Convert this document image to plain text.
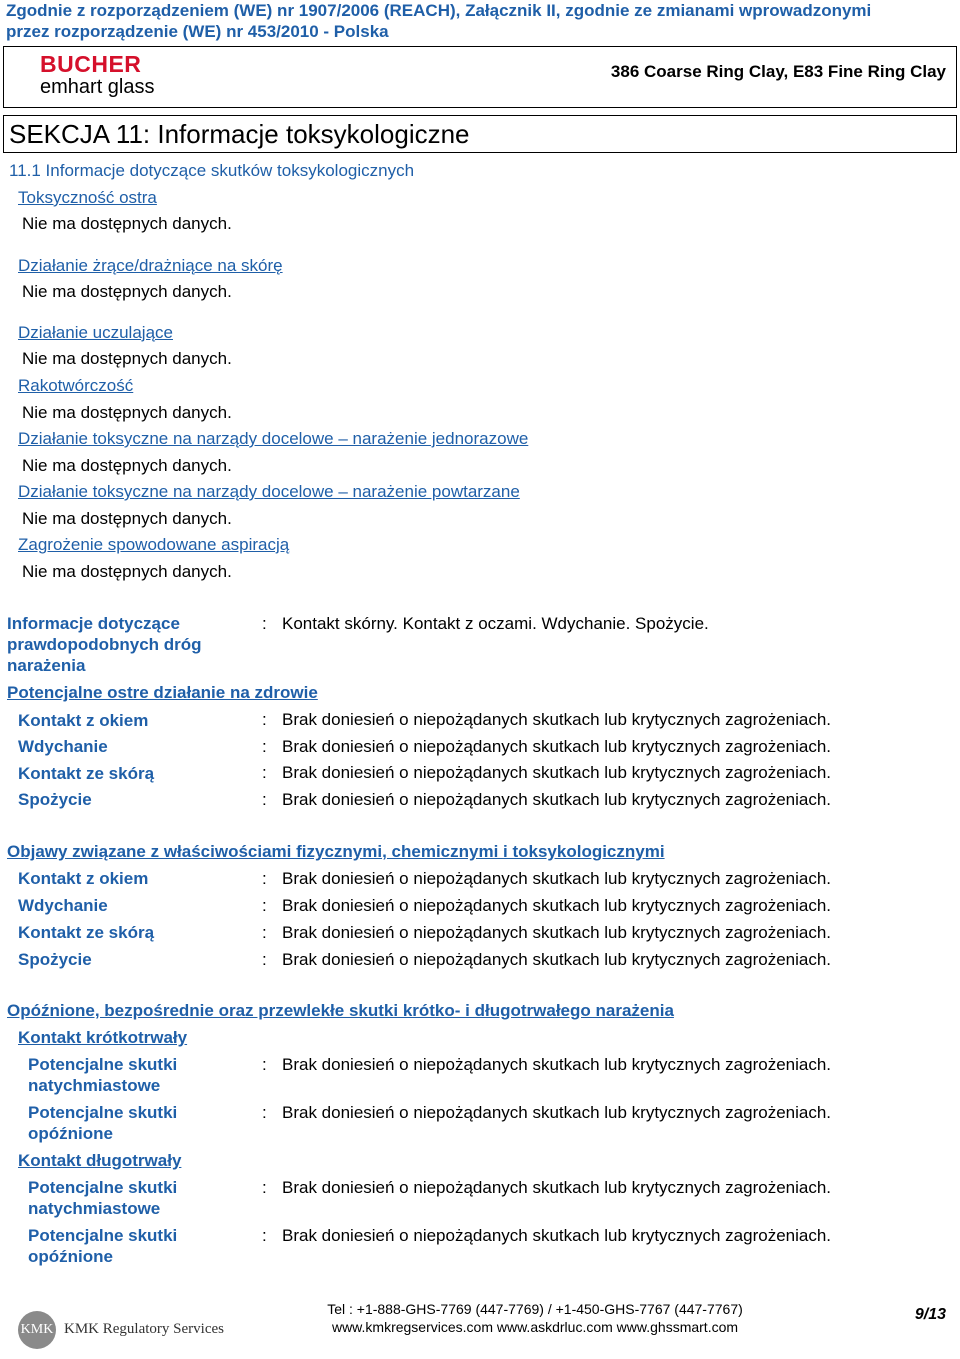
Zgodnie z rozporządzeniem (WE) nr 1907/2006 (REACH), Załącznik II, zgodnie ze zmianami wprowadzonymi
przez rozporządzenie (WE) nr 453/2010 - Polska
BUCHER
emhart glass
386 Coarse Ring Clay, E83 Fine Ring Clay
SEKCJA 11: Informacje toksykologiczne
11.1 Informacje dotyczące skutków toksykologicznych
Toksyczność ostra
Nie ma dostępnych danych.
Działanie żrące/drażniące na skórę
Nie ma dostępnych danych.
Działanie uczulające
Nie ma dostępnych danych.
Rakotwórczość
Nie ma dostępnych danych.
Działanie toksyczne na narządy docelowe – narażenie jednorazowe
Nie ma dostępnych danych.
Działanie toksyczne na narządy docelowe – narażenie powtarzane
Nie ma dostępnych danych.
Zagrożenie spowodowane aspiracją
Nie ma dostępnych danych.
Informacje dotyczące
prawdopodobnych dróg
narażenia
: Kontakt skórny. Kontakt z oczami. Wdychanie. Spożycie.
Potencjalne ostre działanie na zdrowie
Kontakt z okiem	: Brak doniesień o niepożądanych skutkach lub krytycznych zagrożeniach.
Wdychanie	: Brak doniesień o niepożądanych skutkach lub krytycznych zagrożeniach.
Kontakt ze skórą	: Brak doniesień o niepożądanych skutkach lub krytycznych zagrożeniach.
Spożycie	: Brak doniesień o niepożądanych skutkach lub krytycznych zagrożeniach.
Objawy związane z właściwościami fizycznymi, chemicznymi i toksykologicznymi
Kontakt z okiem	: Brak doniesień o niepożądanych skutkach lub krytycznych zagrożeniach.
Wdychanie	: Brak doniesień o niepożądanych skutkach lub krytycznych zagrożeniach.
Kontakt ze skórą	: Brak doniesień o niepożądanych skutkach lub krytycznych zagrożeniach.
Spożycie	: Brak doniesień o niepożądanych skutkach lub krytycznych zagrożeniach.
Opóźnione, bezpośrednie oraz przewlekłe skutki krótko- i długotrwałego narażenia
Kontakt krótkotrwały
Potencjalne skutki
natychmiastowe
: Brak doniesień o niepożądanych skutkach lub krytycznych zagrożeniach.
Potencjalne skutki
opóźnione
: Brak doniesień o niepożądanych skutkach lub krytycznych zagrożeniach.
Kontakt długotrwały
Potencjalne skutki
natychmiastowe
: Brak doniesień o niepożądanych skutkach lub krytycznych zagrożeniach.
Potencjalne skutki
opóźnione
: Brak doniesień o niepożądanych skutkach lub krytycznych zagrożeniach.
KMK KMK Regulatory Services
Tel : +1-888-GHS-7769 (447-7769) / +1-450-GHS-7767 (447-7767)
www.kmkregservices.com www.askdrluc.com www.ghssmart.com
9/13
